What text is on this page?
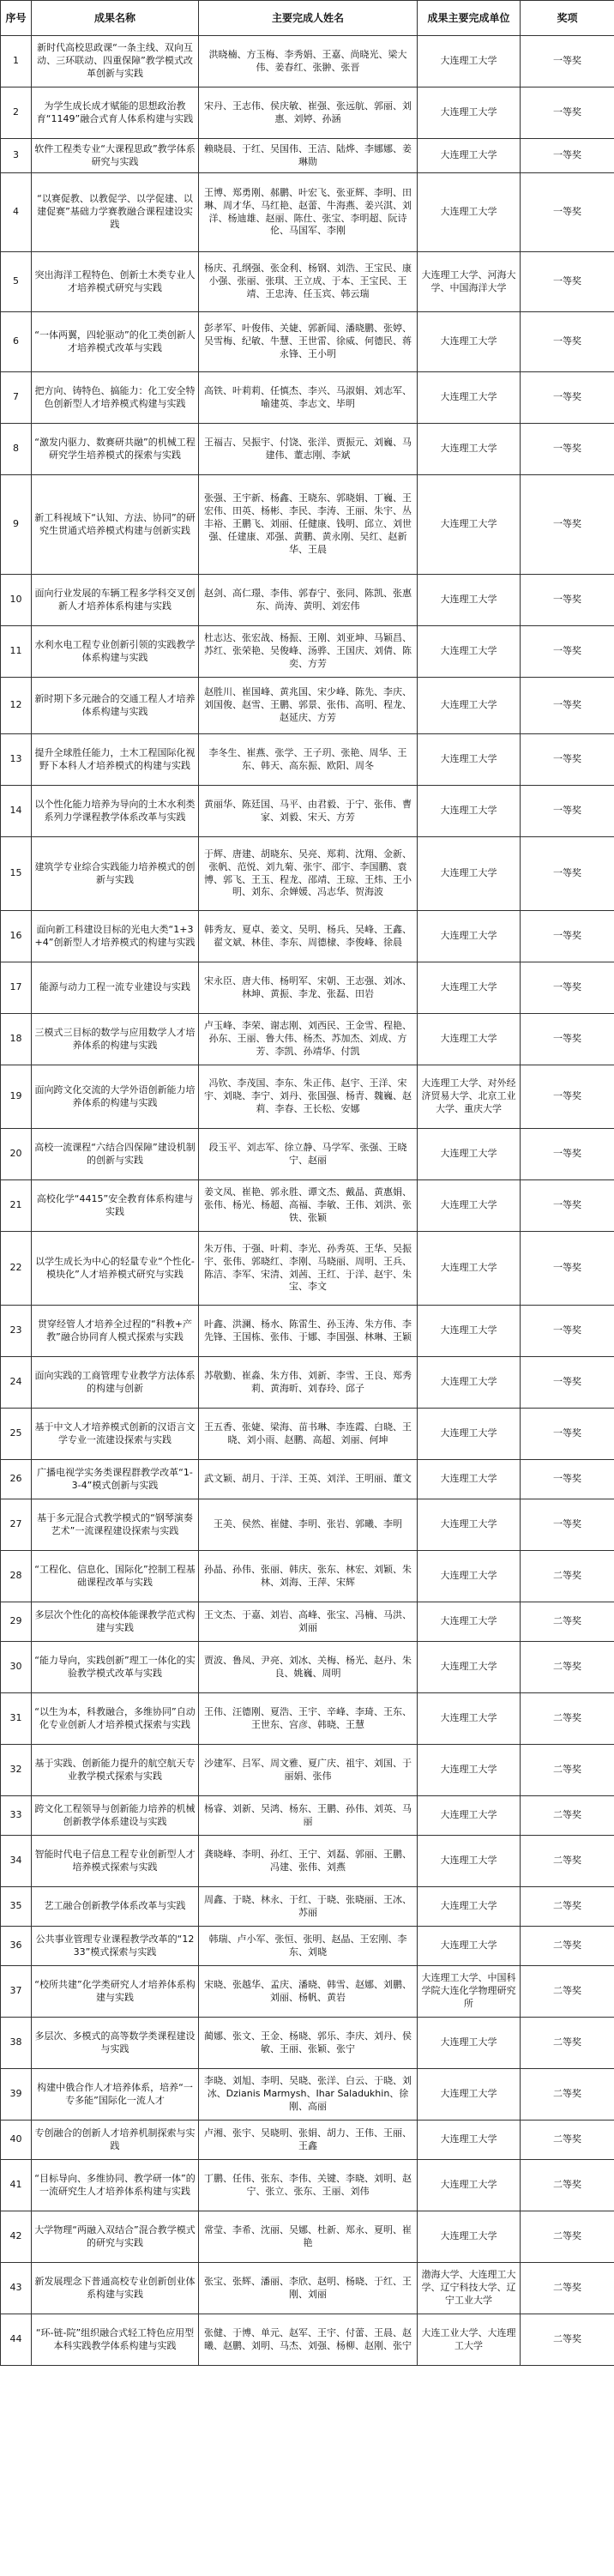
序号	成果名称	主要完成人姓名	成果主要完成单位	奖项
1	新时代高校思政课“一条主线、双向互动、三环联动、四重保障”教学模式改革创新与实践	洪晓楠、方玉梅、李秀娟、王嘉、尚晓光、梁大伟、姜春红、张翀、张晋	大连理工大学	一等奖
2	为学生成长成才赋能的思想政治教育“1149”融合式育人体系构建与实践	宋丹、王志伟、侯庆敏、崔强、张远航、郭丽、刘惠、刘婷、孙涵	大连理工大学	一等奖
3	软件工程类专业“大课程思政”教学体系研究与实践	赖晓晨、于红、吴国伟、王洁、陆烨、李娜娜、姜琳勋	大连理工大学	一等奖
4	“以赛促教、以教促学、以学促建、以建促赛”基础力学赛教融合课程建设实践	王博、郑勇刚、郝鹏、叶宏飞、张亚辉、李明、田琳、周才华、马红艳、赵蕾、牛海燕、姜兴淇、刘洋、杨迪雄、赵丽、陈仕、张宝、李明超、阮诗伦、马国军、李刚	大连理工大学	一等奖
5	突出海洋工程特色、创新土木类专业人才培养模式研究与实践	杨庆、孔纲强、张金利、杨钢、刘浩、王宝民、康小强、张丽、张琪、王立成、于本、王宝民、王靖、王忠涛、任玉宾、韩云瑞	大连理工大学、河海大学、中国海洋大学	一等奖
6	“一体两翼，四轮驱动”的化工类创新人才培养模式改革与实践	彭孝军、叶俊伟、关婕、郭新闻、潘晓鹏、张婷、吴雪梅、纪敏、牛慧、王世雷、徐威、何德民、蒋永锋、王小明	大连理工大学	一等奖
7	把方向、铸特色、搞能力：化工安全特色创新型人才培养模式构建与实践	高铁、叶莉莉、任慎杰、李兴、马淑娟、刘志军、喻建英、李志文、毕明	大连理工大学	一等奖
8	“激发内驱力、数赛研共融”的机械工程研究学生培养模式的探索与实践	王福吉、吴振宇、付饶、张洋、贾振元、刘巍、马建伟、董志刚、李斌	大连理工大学	一等奖
9	新工科视域下“认知、方法、协同”的研究生贯通式培养模式构建与创新实践	张强、王宇新、杨鑫、王晓东、郭晓娟、丁巍、王宏伟、田英、杨彬、李民、李涛、王丽、朱宇、丛丰裕、王鹏飞、刘丽、任健康、钱明、邱立、刘世强、任建康、邓强、黄鹏、黄永刚、吴红、赵新华、王晨	大连理工大学	一等奖
10	面向行业发展的车辆工程多学科交叉创新人才培养体系构建与实践	赵剑、高仁璟、李伟、郭春宁、张同、陈凯、张惠东、尚涛、黄明、刘宏伟	大连理工大学	一等奖
11	水利水电工程专业创新引领的实践教学体系构建与实践	杜志达、张宏战、杨振、王刚、刘亚坤、马颖昌、苏红、张荣艳、吴俊峰、汤骅、王国庆、刘倩、陈奕、方芳	大连理工大学	一等奖
12	新时期下多元融合的交通工程人才培养体系构建与实践	赵胜川、崔国峰、黄兆国、宋少峰、陈先、李庆、刘国俊、赵雪、王鹏、郭景、张伟、高明、程龙、赵延庆、方芳	大连理工大学	一等奖
13	提升全球胜任能力，土木工程国际化视野下本科人才培养模式的构建与实践	李冬生、崔燕、张学、王子玥、张艳、周华、王东、韩天、高东振、欧阳、周冬	大连理工大学	一等奖
14	以个性化能力培养为导向的土木水利类系列力学课程教学体系改革与实践	黄丽华、陈廷国、马平、由君毅、于宁、张伟、曹家、刘毅、宋天、方芳	大连理工大学	一等奖
15	建筑学专业综合实践能力培养模式的创新与实践	于辉、唐建、胡晓东、吴亮、郑莉、沈翔、金新、张帆、范悦、刘九菊、张宇、邵宇、李国鹏、袁博、郭飞、王玉、程龙、邵靖、王琼、王炜、王小明、刘东、余婵媛、冯志华、贺海波	大连理工大学	一等奖
16	面向新工科建设目标的光电大类“1+3+4”创新型人才培养模式的构建与实践	韩秀友、夏卓、姜文、吴明、杨兵、吴峰、王鑫、翟文斌、林佳、李东、周德棣、李俊峰、徐晨	大连理工大学	一等奖
17	能源与动力工程一流专业建设与实践	宋永臣、唐大伟、杨明军、宋朝、王志强、刘冰、林坤、黄振、李龙、张磊、田岩	大连理工大学	一等奖
18	三模式三目标的数学与应用数学人才培养体系的构建与实践	卢玉峰、李荣、谢志刚、刘西民、王金雪、程艳、孙东、王丽、鲁大伟、杨杰、苏加杰、刘成、方芳、李凯、孙靖华、付凯	大连理工大学	一等奖
19	面向跨文化交流的大学外语创新能力培养体系的构建与实践	冯钦、李茂国、李东、朱正伟、赵宇、王洋、宋宇、刘晓、李宁、刘丹、张国强、杨青、魏巍、赵莉、李春、王长松、安娜	大连理工大学、对外经济贸易大学、北京工业大学、重庆大学	一等奖
20	高校一流课程“六结合四保障”建设机制的创新与实践	段玉平、刘志军、徐立静、马学军、张强、王晓宁、赵丽	大连理工大学	一等奖
21	高校化学“4415”安全教育体系构建与实践	姜文凤、崔艳、郭永胜、谭文杰、戴晶、黄惠娟、张伟、杨光、杨超、高福、李敏、王伟、刘洪、张铁、张颖	大连理工大学	一等奖
22	以学生成长为中心的轻量专业“个性化-模块化”人才培养模式研究与实践	朱万伟、于强、叶莉、李光、孙秀英、王华、吴振宇、张伟、郭晓红、李刚、马晓丽、周明、王兵、陈洁、李军、宋清、刘茜、王红、于洋、赵宇、朱宝、李文	大连理工大学	一等奖
23	贯穿经管人才培养全过程的“科教+产教”融合协同育人模式探索与实践	叶鑫、洪澜、杨水、陈雷生、孙玉涛、朱方伟、李先锋、王国栋、张伟、于娜、李国强、林琳、王颖	大连理工大学	一等奖
24	面向实践的工商管理专业教学方法体系的构建与创新	苏敬勤、崔淼、朱方伟、刘新、李雪、王良、郑秀莉、黄海昕、刘春玲、邱子	大连理工大学	一等奖
25	基于中文人才培养模式创新的汉语言文学专业一流建设探索与实践	王五香、张婕、梁海、苗书琳、李连霞、白晓、王晓、刘小雨、赵鹏、高超、刘丽、何坤	大连理工大学	一等奖
26	广播电视学实务类课程群教学改革“1-3-4”模式创新与实践	武文颖、胡月、于洋、王英、刘洋、王明丽、董文	大连理工大学	一等奖
27	基于多元混合式教学模式的“钢琴演奏艺术”一流课程建设探索与实践	王美、侯然、崔健、李明、张岩、郭曦、李明	大连理工大学	一等奖
28	“工程化、信息化、国际化”控制工程基础课程改革与实践	孙晶、孙伟、张丽、韩庆、张东、林宏、刘颖、朱林、刘海、王萍、宋辉	大连理工大学	二等奖
29	多层次个性化的高校体能课教学范式构建与实践	王文杰、于嘉、刘岩、高峰、张宝、冯楠、马洪、刘丽	大连理工大学	二等奖
30	“能力导向，实践创新”理工一体化的实验教学模式改革与实践	贾波、鲁凤、尹亮、刘冰、关梅、杨光、赵丹、朱良、姚巍、周明	大连理工大学	二等奖
31	“以生为本，科教融合，多维协同”自动化专业创新人才培养模式探索与实践	王伟、汪德刚、夏浩、王宇、辛峰、李琦、王东、王世东、宫彦、韩晓、王慧	大连理工大学	二等奖
32	基于实践、创新能力提升的航空航天专业教学模式探索与实践	沙建军、吕军、周文雅、夏广庆、祖宇、刘国、于丽娟、张伟	大连理工大学	二等奖
33	跨文化工程领导与创新能力培养的机械创新教学体系建设与实践	杨睿、刘新、吴鸿、杨东、王鹏、孙伟、刘英、马丽	大连理工大学	二等奖
34	智能时代电子信息工程专业创新型人才培养模式探索与实践	龚晓峰、李明、孙红、王宁、刘磊、郭丽、王鹏、冯建、张伟、刘燕	大连理工大学	二等奖
35	艺工融合创新教学体系改革与实践	周鑫、于晓、林永、于红、于晓、张晓丽、王冰、苏丽	大连理工大学	二等奖
36	公共事业管理专业课程教学改革的“1233”模式探索与实践	韩瑞、卢小军、张恒、张明、赵晶、王宏刚、李东、刘晓	大连理工大学	二等奖
37	“校所共建”化学类研究人才培养体系构建与实践	宋晓、张越华、孟庆、潘晓、韩雪、赵娜、刘鹏、刘丽、杨帆、黄岩	大连理工大学、中国科学院大连化学物理研究所	二等奖
38	多层次、多模式的高等数学类课程建设与实践	蔺娜、张文、王金、杨晓、郭乐、李庆、刘丹、侯敏、王丽、张颖、张宁	大连理工大学	二等奖
39	构建中俄合作人才培养体系，培养“一专多能”国际化一流人才	李晓、刘旭、李明、吴晓、张洋、白云、于晓、刘冰、Dzianis Marmysh、Ihar Saladukhin、徐刚、高丽	大连理工大学	二等奖
40	专创融合的创新人才培养机制探索与实践	卢湘、张宇、吴晓明、张娟、胡力、王伟、王丽、王鑫	大连理工大学	二等奖
41	“目标导向、多维协同、教学研一体”的一流研究生人才培养体系构建与实践	丁鹏、任伟、张东、李伟、关键、李晓、刘明、赵宁、张立、张东、王丽、刘伟	大连理工大学	二等奖
42	大学物理“两融入双结合”混合教学模式的研究与实践	常莹、李希、沈丽、吴娜、杜新、郑永、夏明、崔艳	大连理工大学	二等奖
43	新发展理念下普通高校专业创新创业体系构建与实践	张宝、张辉、潘丽、李欣、赵明、杨晓、于红、王刚、刘丽	渤海大学、大连理工大学、辽宁科技大学、辽宁工业大学	二等奖
44	“环-链-院”组织融合式轻工特色应用型本科实践教学体系构建与实践	张健、于博、单元、赵军、王宇、付蕾、王晨、赵曦、赵鹏、刘明、马杰、刘强、杨柳、赵刚、张宁	大连工业大学、大连理工大学	二等奖
